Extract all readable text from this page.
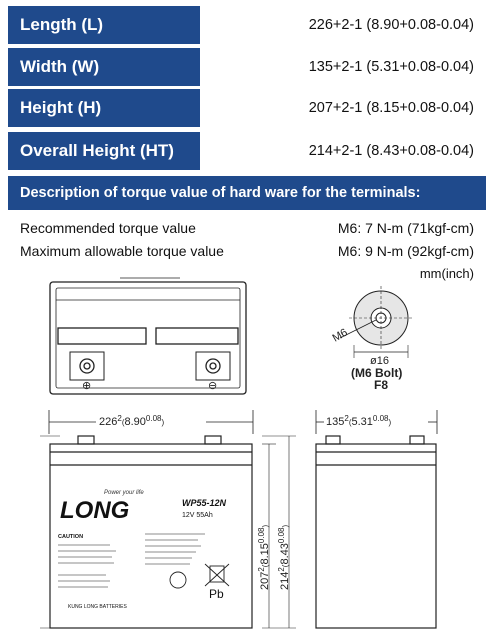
Length (L)	226+2-1 (8.90+0.08-0.04)
Width (W)	135+2-1 (5.31+0.08-0.04)
Height (H)	207+2-1 (8.15+0.08-0.04)
Overall Height (HT)	214+2-1 (8.43+0.08-0.04)
Description of torque value of hard ware for the terminals:
Recommended torque value	M6: 7 N-m (71kgf-cm)
Maximum allowable torque value	M6: 9 N-m (92kgf-cm)
mm(inch)
⊕	⊖
M6
ø16
(M6 Bolt)
F8
$226^2_(8.90^{0.08}_)$	$135^2_(5.31^{0.08}_)$
$207^2_(8.15^{0.08}_)$
$214^2_(8.43^{0.08}_)$
Power your life
LONG	WP55-12N
12V 55Ah
CAUTION
Pb
KUNG LONG BATTERIES
